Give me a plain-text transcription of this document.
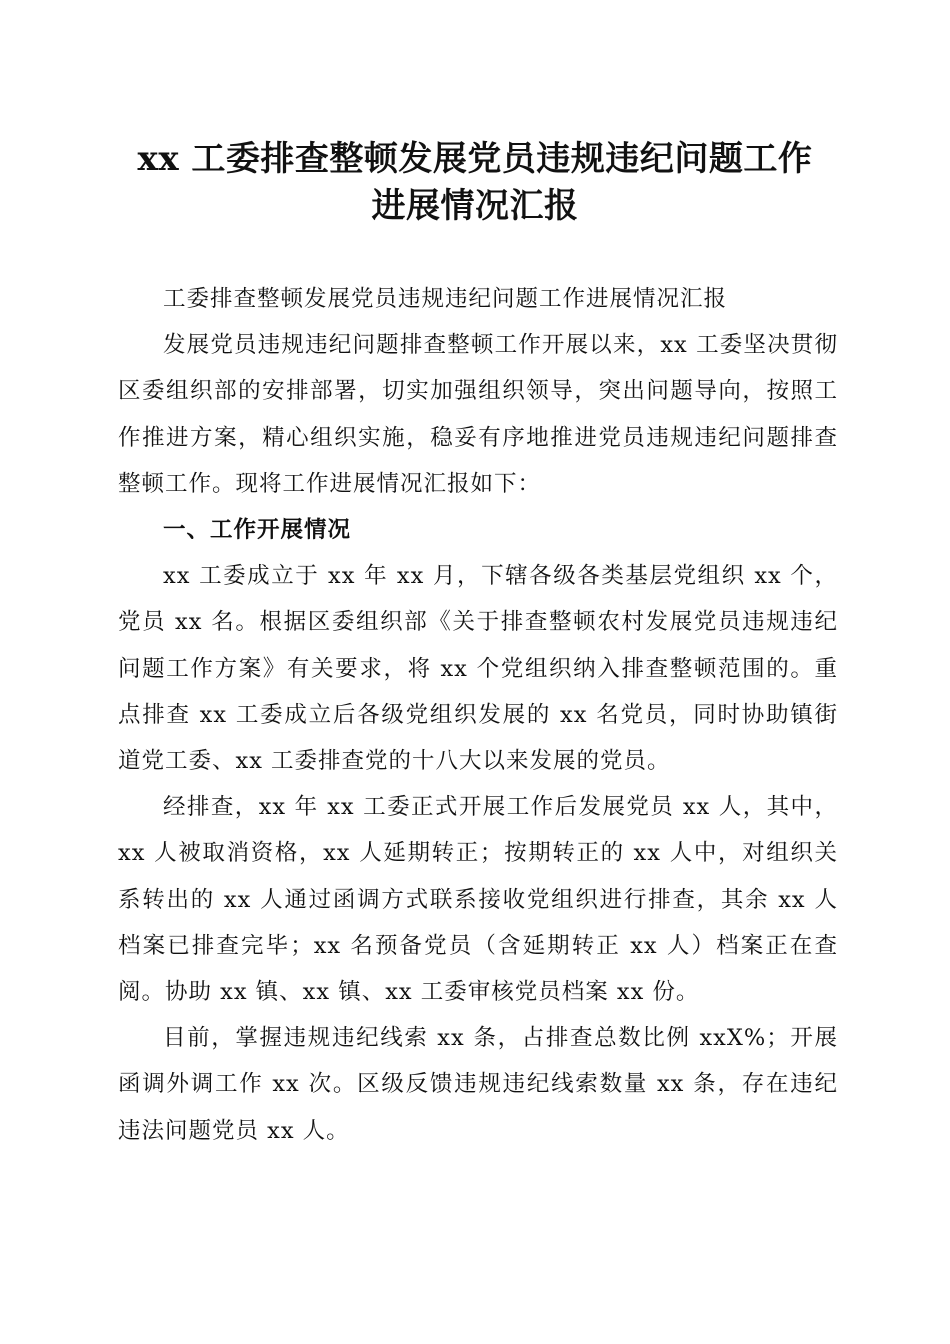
xx 工委排查整顿发展党员违规违纪问题工作
进展情况汇报

工委排查整顿发展党员违规违纪问题工作进展情况汇报

发展党员违规违纪问题排查整顿工作开展以来，xx 工委坚决贯彻区委组织部的安排部署，切实加强组织领导，突出问题导向，按照工作推进方案，精心组织实施，稳妥有序地推进党员违规违纪问题排查整顿工作。现将工作进展情况汇报如下：

一、工作开展情况

xx 工委成立于 xx 年 xx 月，下辖各级各类基层党组织 xx 个，党员 xx 名。根据区委组织部《关于排查整顿农村发展党员违规违纪问题工作方案》有关要求，将 xx 个党组织纳入排查整顿范围的。重点排查 xx 工委成立后各级党组织发展的 xx 名党员，同时协助镇街道党工委、xx 工委排查党的十八大以来发展的党员。

经排查，xx 年 xx 工委正式开展工作后发展党员 xx 人，其中，xx 人被取消资格，xx 人延期转正；按期转正的 xx 人中，对组织关系转出的 xx 人通过函调方式联系接收党组织进行排查，其余 xx 人档案已排查完毕；xx 名预备党员（含延期转正 xx 人）档案正在查阅。协助 xx 镇、xx 镇、xx 工委审核党员档案 xx 份。

目前，掌握违规违纪线索 xx 条，占排查总数比例 xxX%；开展函调外调工作 xx 次。区级反馈违规违纪线索数量 xx 条，存在违纪违法问题党员 xx 人。
